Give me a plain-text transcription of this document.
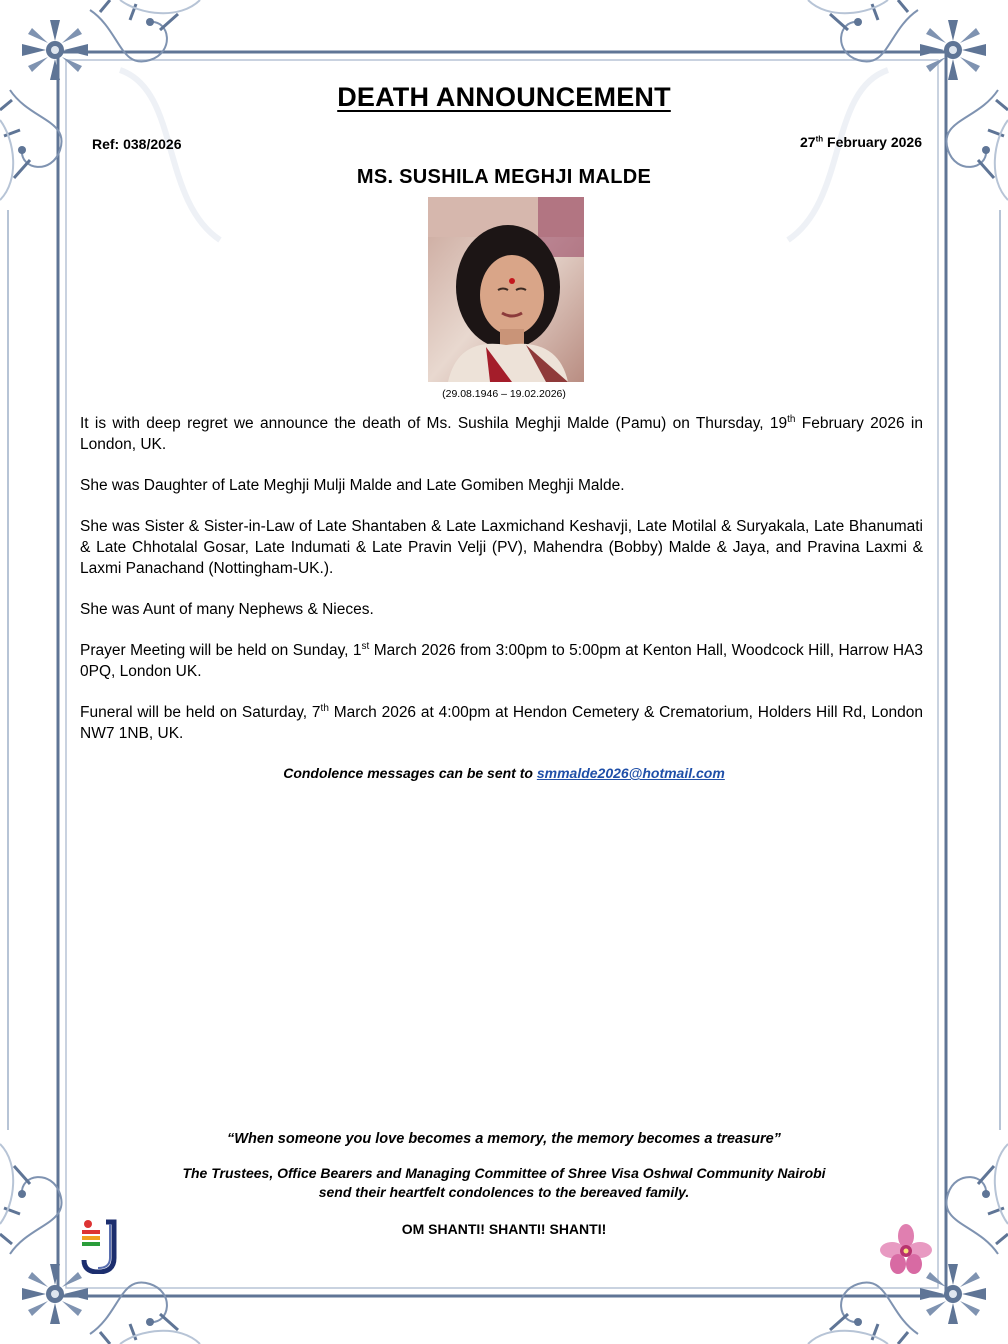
DEATH ANNOUNCEMENT
Ref: 038/2026	27th February 2026
MS. SUSHILA MEGHJI MALDE
(29.08.1946 – 19.02.2026)

It is with deep regret we announce the death of Ms. Sushila Meghji Malde (Pamu) on Thursday, 19th February 2026 in London, UK.

She was Daughter of Late Meghji Mulji Malde and Late Gomiben Meghji Malde.

She was Sister & Sister-in-Law of Late Shantaben & Late Laxmichand Keshavji, Late Motilal & Suryakala, Late Bhanumati & Late Chhotalal Gosar, Late Indumati & Late Pravin Velji (PV), Mahendra (Bobby) Malde & Jaya, and Pravina Laxmi & Laxmi Panachand (Nottingham-UK.).

She was Aunt of many Nephews & Nieces.

Prayer Meeting will be held on Sunday, 1st March 2026 from 3:00pm to 5:00pm at Kenton Hall, Woodcock Hill, Harrow HA3 0PQ, London UK.

Funeral will be held on Saturday, 7th March 2026 at 4:00pm at Hendon Cemetery & Crematorium, Holders Hill Rd, London NW7 1NB, UK.

Condolence messages can be sent to smmalde2026@hotmail.com
“When someone you love becomes a memory, the memory becomes a treasure”
The Trustees, Office Bearers and Managing Committee of Shree Visa Oshwal Community Nairobi
send their heartfelt condolences to the bereaved family.
OM SHANTI! SHANTI! SHANTI!
